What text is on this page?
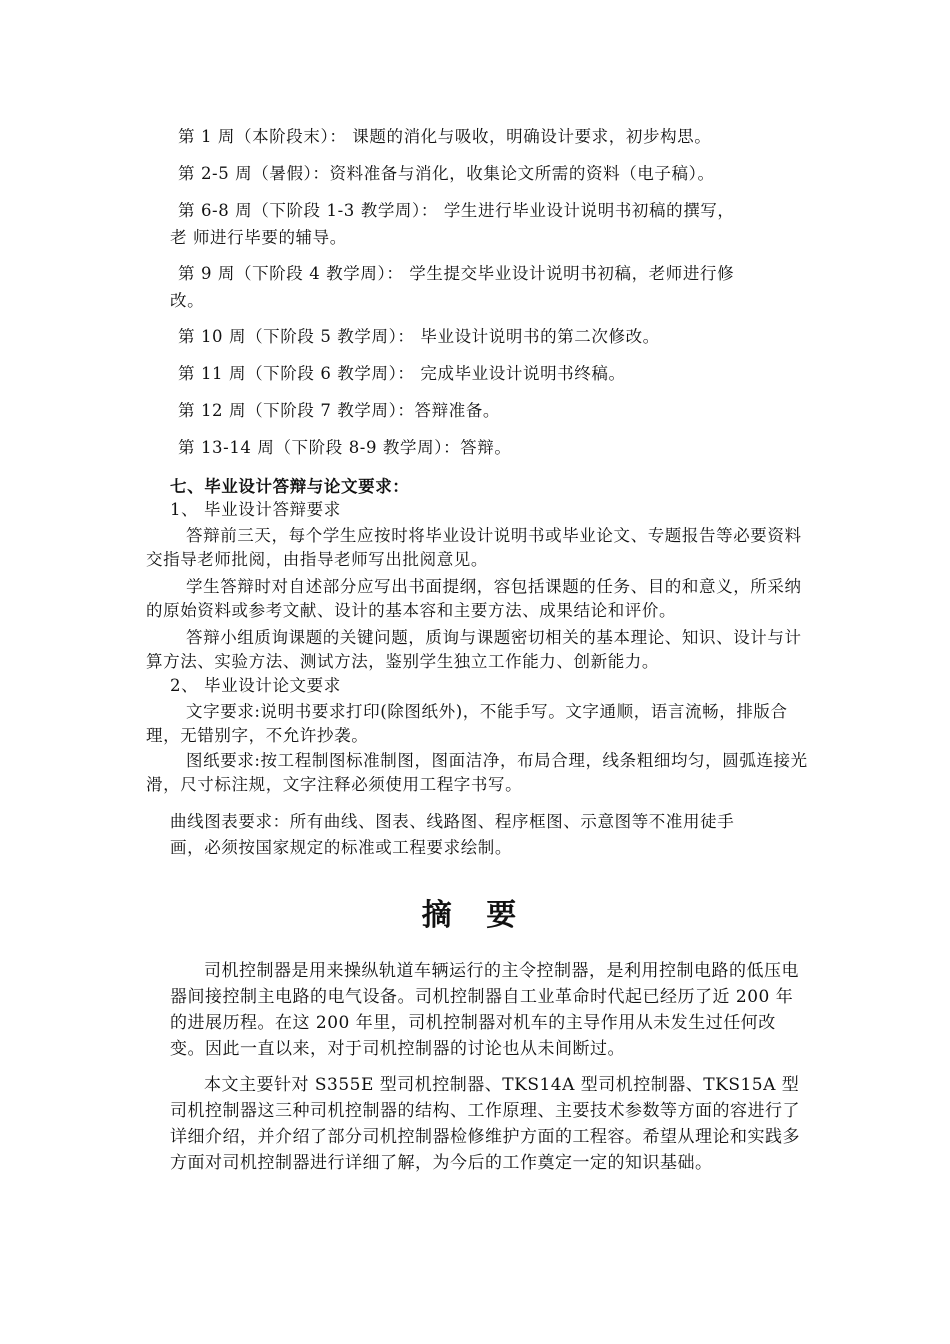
第 1 周（本阶段末）： 课题的消化与吸收，明确设计要求，初步构思。
第 2-5 周（暑假）：资料准备与消化，收集论文所需的资料（电子稿）。
第 6-8 周（下阶段 1-3 教学周）： 学生进行毕业设计说明书初稿的撰写，
老 师进行毕要的辅导。
第 9 周（下阶段 4 教学周）： 学生提交毕业设计说明书初稿，老师进行修
改。
第 10 周（下阶段 5 教学周）： 毕业设计说明书的第二次修改。
第 11 周（下阶段 6 教学周）： 完成毕业设计说明书终稿。
第 12 周（下阶段 7 教学周）：答辩准备。
第 13-14 周（下阶段 8-9 教学周）：答辩。
七、毕业设计答辩与论文要求：
1、 毕业设计答辩要求
答辩前三天，每个学生应按时将毕业设计说明书或毕业论文、专题报告等必要资料交指导老师批阅，由指导老师写出批阅意见。
学生答辩时对自述部分应写出书面提纲，容包括课题的任务、目的和意义，所采纳的原始资料或参考文献、设计的基本容和主要方法、成果结论和评价。
答辩小组质询课题的关键问题，质询与课题密切相关的基本理论、知识、设计与计算方法、实验方法、测试方法，鉴别学生独立工作能力、创新能力。
2、 毕业设计论文要求
文字要求:说明书要求打印(除图纸外)，不能手写。文字通顺，语言流畅，排版合理，无错别字，不允许抄袭。
图纸要求:按工程制图标准制图，图面洁净，布局合理，线条粗细均匀，圆弧连接光滑，尺寸标注规，文字注释必须使用工程字书写。
曲线图表要求：所有曲线、图表、线路图、程序框图、示意图等不准用徒手
画，必须按国家规定的标准或工程要求绘制。
摘 要
司机控制器是用来操纵轨道车辆运行的主令控制器，是利用控制电路的低压电器间接控制主电路的电气设备。司机控制器自工业革命时代起已经历了近 200 年的进展历程。在这 200 年里，司机控制器对机车的主导作用从未发生过任何改变。因此一直以来，对于司机控制器的讨论也从未间断过。
本文主要针对 S355E 型司机控制器、TKS14A 型司机控制器、TKS15A 型司机控制器这三种司机控制器的结构、工作原理、主要技术参数等方面的容进行了详细介绍，并介绍了部分司机控制器检修维护方面的工程容。希望从理论和实践多方面对司机控制器进行详细了解，为今后的工作奠定一定的知识基础。
